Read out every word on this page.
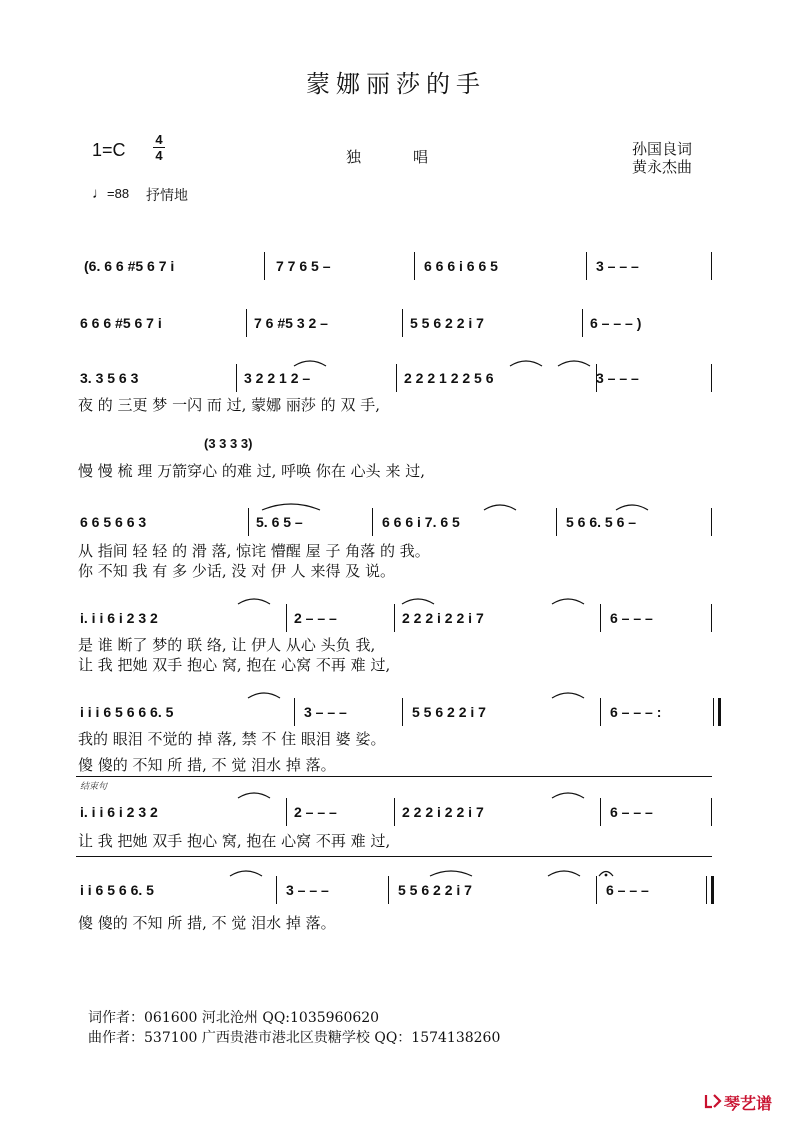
蒙娜丽莎的手
1=C
4
4	独唱	孙国良词
黄永杰曲
♩=88 抒情地
(6. 6 6 #5 6 7 i	7 7 6 5 –	6 6 6 i 6 6 5	3 – – –
6 6 6 #5 6 7 i	7 6 #5 3 2 –	5 5 6 2 2 i 7	6 – – – )
3. 3 5 6 3	3 2 2 1 2 –	2 2 2 1 2 2 5 6	3 – – –
夜 的 三更 梦 一闪 而 过, 蒙娜 丽莎 的 双 手,
(3 3 3 3)
慢 慢 梳 理 万箭穿心 的难 过, 呼唤 你在 心头 来 过,
6 6 5 6 6 3	5. 6 5 –	6 6 6 i 7. 6 5	5 6 6. 5 6 –
从 指间 轻 轻 的 滑 落, 惊诧 懵醒 屋 子 角落 的 我。
你 不知 我 有 多 少话, 没 对 伊 人 来得 及 说。
i. i i 6 i 2 3 2	2 – – –	2 2 2 i 2 2 i 7	6 – – –
是 谁 断了 梦的 联 络, 让 伊人 从心 头负 我,
让 我 把她 双手 抱心 窝, 抱在 心窝 不再 难 过,
i i i 6 5 6 6 6. 5	3 – – –	5 5 6 2 2 i 7	6 – – – :
我的 眼泪 不觉的 掉 落, 禁 不 住 眼泪 婆 娑。
傻 傻的 不知 所 措, 不 觉 泪水 掉 落。
结束句
i. i i 6 i 2 3 2	2 – – –	2 2 2 i 2 2 i 7	6 – – –
让 我 把她 双手 抱心 窝, 抱在 心窝 不再 难 过,
i i 6 5 6 6. 5	3 – – –	5 5 6 2 2 i 7	6 – – –
傻 傻的 不知 所 措, 不 觉 泪水 掉 落。
词作者：061600 河北沧州 QQ:1035960620
曲作者：537100 广西贵港市港北区贵糖学校 QQ：1574138260
琴艺谱
